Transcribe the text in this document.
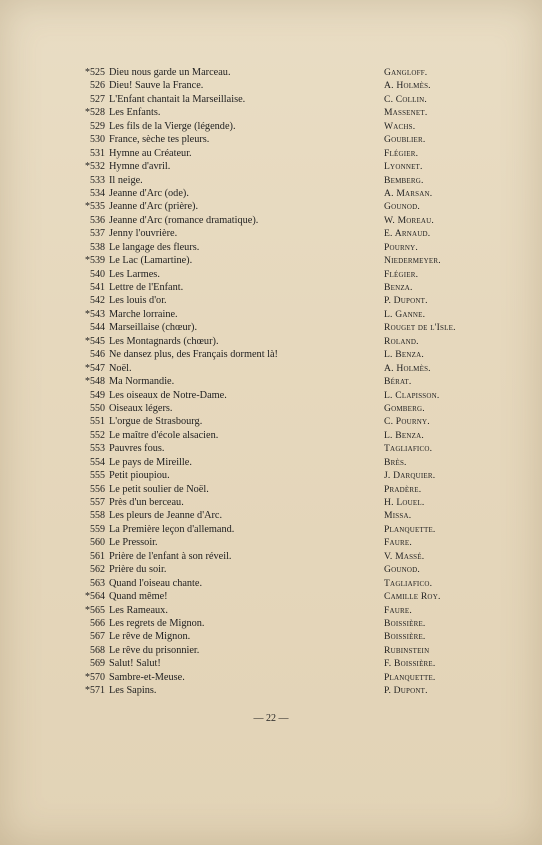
*525 Dieu nous garde un Marceau.	Gangloff.
526 Dieu! Sauve la France.	A. Holmès.
527 L'Enfant chantait la Marseillaise.	C. Collin.
*528 Les Enfants.	Massenet.
529 Les fils de la Vierge (légende).	Wachs.
530 France, sèche tes pleurs.	Goublier.
531 Hymne au Créateur.	Flégier.
*532 Hymne d'avril.	Lyonnet.
533 Il neige.	Bemberg.
534 Jeanne d'Arc (ode).	A. Marsan.
*535 Jeanne d'Arc (prière).	Gounod.
536 Jeanne d'Arc (romance dramatique).	W. Moreau.
537 Jenny l'ouvrière.	E. Arnaud.
538 Le langage des fleurs.	Pourny.
*539 Le Lac (Lamartine).	Niedermeyer.
540 Les Larmes.	Flégier.
541 Lettre de l'Enfant.	Benza.
542 Les louis d'or.	P. Dupont.
*543 Marche lorraine.	L. Ganne.
544 Marseillaise (chœur).	Rouget de l'Isle.
*545 Les Montagnards (chœur).	Roland.
546 Ne dansez plus, des Français dorment là!	L. Benza.
*547 Noël.	A. Holmès.
*548 Ma Normandie.	Bérat.
549 Les oiseaux de Notre-Dame.	L. Clapisson.
550 Oiseaux légers.	Gomberg.
551 L'orgue de Strasbourg.	C. Pourny.
552 Le maître d'école alsacien.	L. Benza.
553 Pauvres fous.	Tagliafico.
554 Le pays de Mireille.	Brès.
555 Petit pioupiou.	J. Darquier.
556 Le petit soulier de Noël.	Pradère.
557 Près d'un berceau.	H. Louel.
558 Les pleurs de Jeanne d'Arc.	Missa.
559 La Première leçon d'allemand.	Planquette.
560 Le Pressoir.	Faure.
561 Prière de l'enfant à son réveil.	V. Massé.
562 Prière du soir.	Gounod.
563 Quand l'oiseau chante.	Tagliafico.
*564 Quand même!	Camille Roy.
*565 Les Rameaux.	Faure.
566 Les regrets de Mignon.	Boissière.
567 Le rêve de Mignon.	Boissière.
568 Le rêve du prisonnier.	Rubinstein
569 Salut! Salut!	F. Boissière.
*570 Sambre-et-Meuse.	Planquette.
*571 Les Sapins.	P. Dupont.
— 22 —
